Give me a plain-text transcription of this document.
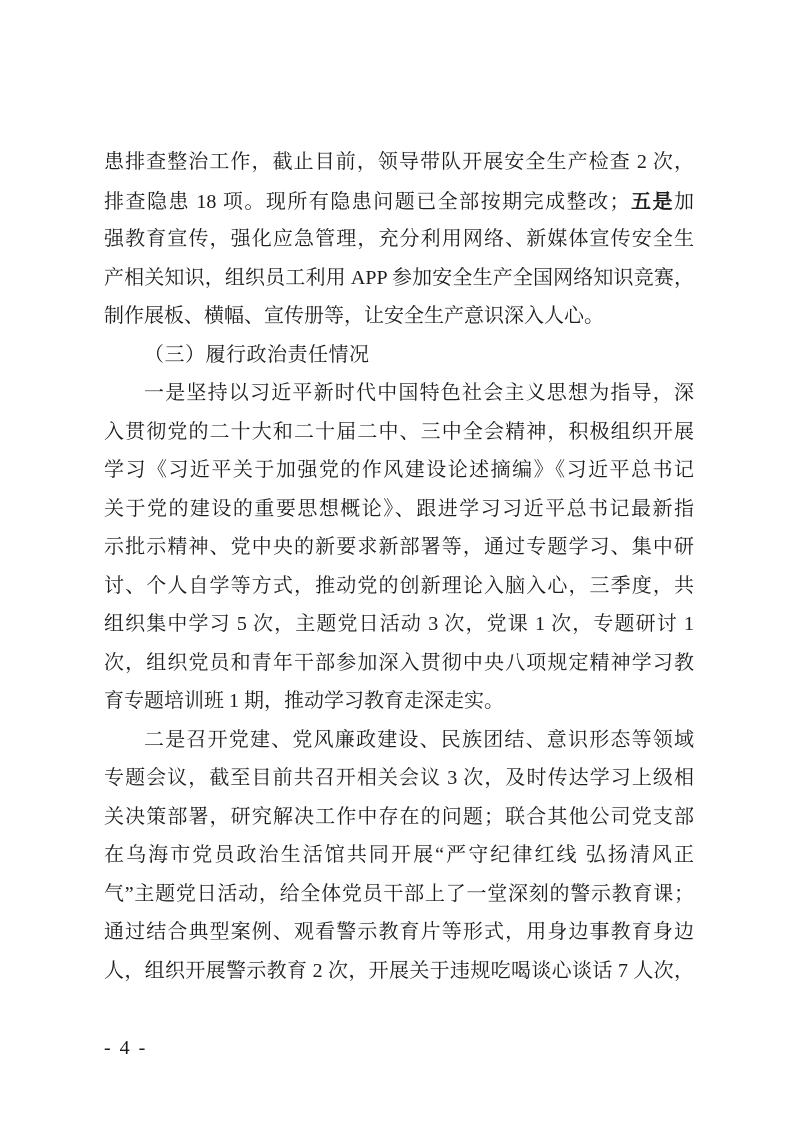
患排查整治工作，截止目前，领导带队开展安全生产检查 2 次，
排查隐患 18 项。现所有隐患问题已全部按期完成整改；五是加
强教育宣传，强化应急管理，充分利用网络、新媒体宣传安全生
产相关知识，组织员工利用 APP 参加安全生产全国网络知识竞赛，
制作展板、横幅、宣传册等，让安全生产意识深入人心。
（三）履行政治责任情况
一是坚持以习近平新时代中国特色社会主义思想为指导，深
入贯彻党的二十大和二十届二中、三中全会精神，积极组织开展
学习《习近平关于加强党的作风建设论述摘编》《习近平总书记
关于党的建设的重要思想概论》、跟进学习习近平总书记最新指
示批示精神、党中央的新要求新部署等，通过专题学习、集中研
讨、个人自学等方式，推动党的创新理论入脑入心，三季度，共
组织集中学习 5 次，主题党日活动 3 次，党课 1 次，专题研讨 1
次，组织党员和青年干部参加深入贯彻中央八项规定精神学习教
育专题培训班 1 期，推动学习教育走深走实。
二是召开党建、党风廉政建设、民族团结、意识形态等领域
专题会议，截至目前共召开相关会议 3 次，及时传达学习上级相
关决策部署，研究解决工作中存在的问题；联合其他公司党支部
在乌海市党员政治生活馆共同开展“严守纪律红线 弘扬清风正
气”主题党日活动，给全体党员干部上了一堂深刻的警示教育课；
通过结合典型案例、观看警示教育片等形式，用身边事教育身边
人，组织开展警示教育 2 次，开展关于违规吃喝谈心谈话 7 人次，
- 4 -
